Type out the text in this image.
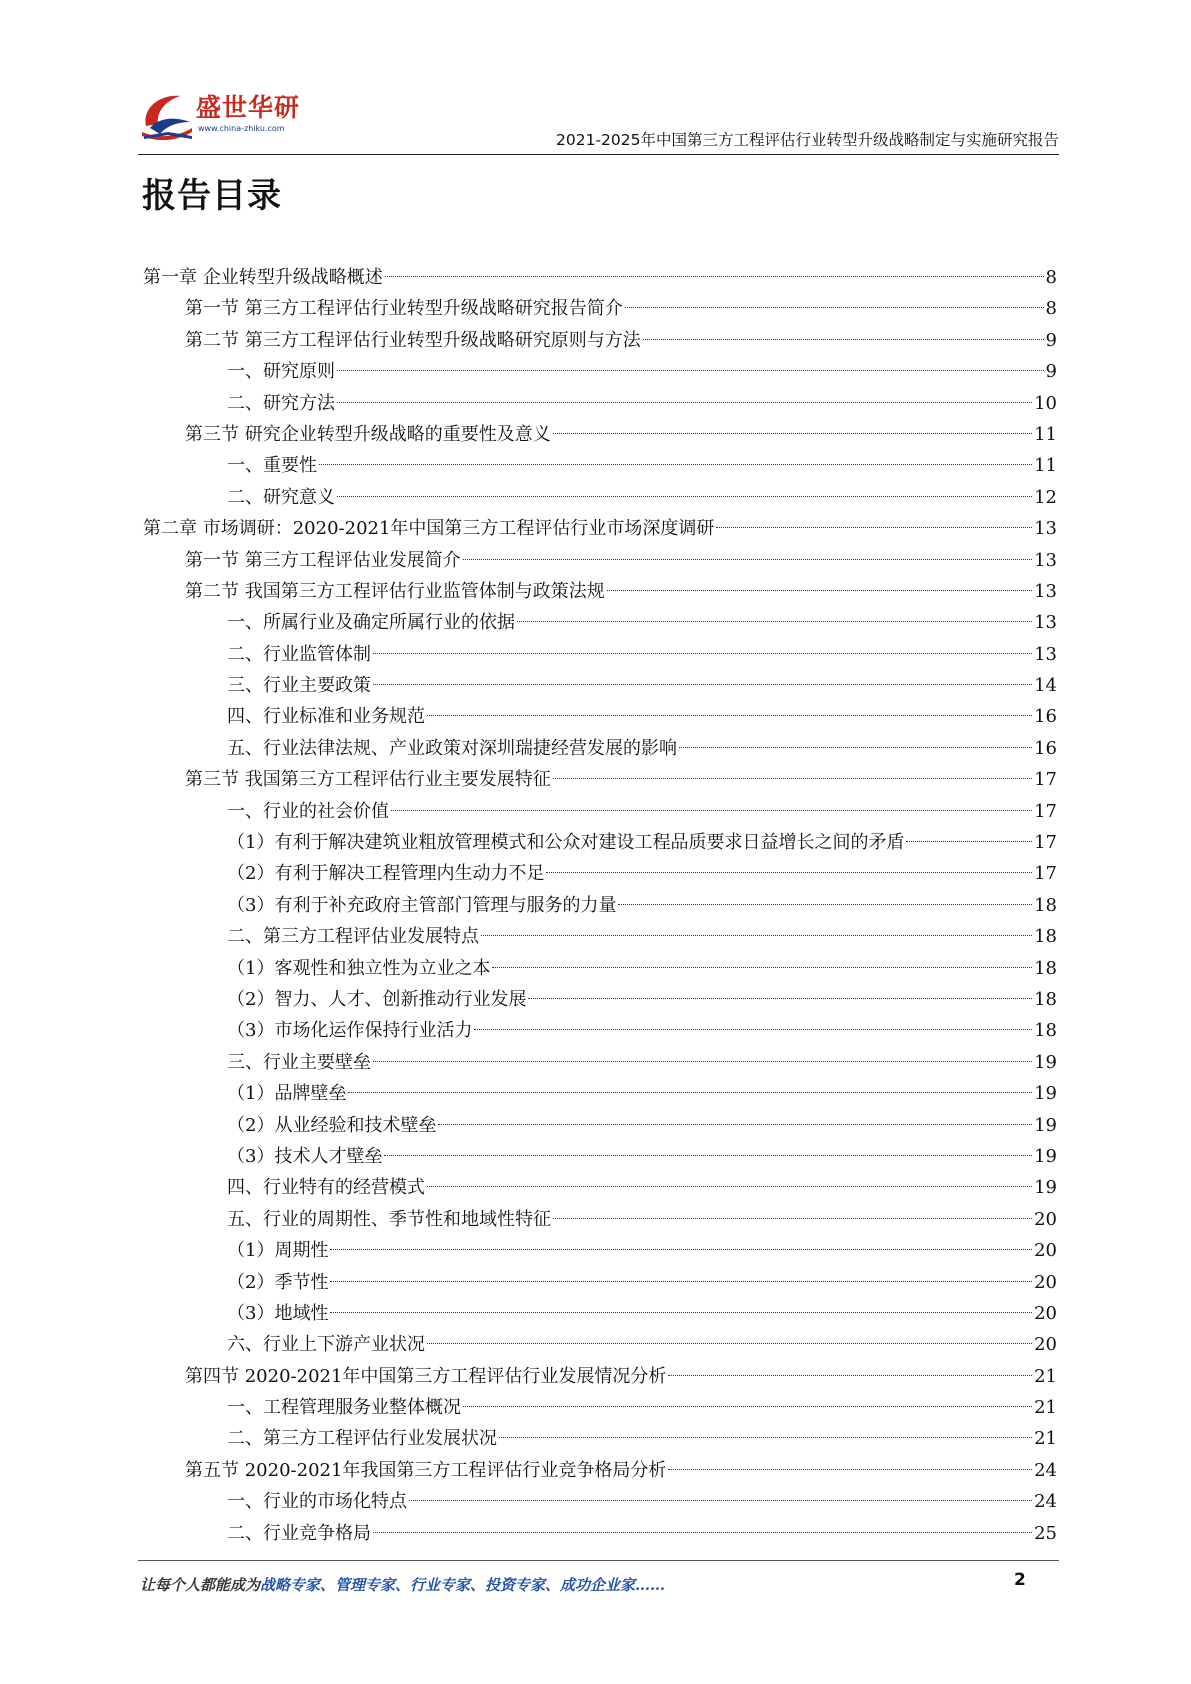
盛世华研
www.china-zhiku.com
2021-2025年中国第三方工程评估行业转型升级战略制定与实施研究报告
报告目录
第一章 企业转型升级战略概述	8
第一节 第三方工程评估行业转型升级战略研究报告简介	8
第二节 第三方工程评估行业转型升级战略研究原则与方法	9
一、研究原则	9
二、研究方法	10
第三节 研究企业转型升级战略的重要性及意义	11
一、重要性	11
二、研究意义	12
第二章 市场调研：2020-2021年中国第三方工程评估行业市场深度调研	13
第一节 第三方工程评估业发展简介	13
第二节 我国第三方工程评估行业监管体制与政策法规	13
一、所属行业及确定所属行业的依据	13
二、行业监管体制	13
三、行业主要政策	14
四、行业标准和业务规范	16
五、行业法律法规、产业政策对深圳瑞捷经营发展的影响	16
第三节 我国第三方工程评估行业主要发展特征	17
一、行业的社会价值	17
（1）有利于解决建筑业粗放管理模式和公众对建设工程品质要求日益增长之间的矛盾	17
（2）有利于解决工程管理内生动力不足	17
（3）有利于补充政府主管部门管理与服务的力量	18
二、第三方工程评估业发展特点	18
（1）客观性和独立性为立业之本	18
（2）智力、人才、创新推动行业发展	18
（3）市场化运作保持行业活力	18
三、行业主要壁垒	19
（1）品牌壁垒	19
（2）从业经验和技术壁垒	19
（3）技术人才壁垒	19
四、行业特有的经营模式	19
五、行业的周期性、季节性和地域性特征	20
（1）周期性	20
（2）季节性	20
（3）地域性	20
六、行业上下游产业状况	20
第四节 2020-2021年中国第三方工程评估行业发展情况分析	21
一、工程管理服务业整体概况	21
二、第三方工程评估行业发展状况	21
第五节 2020-2021年我国第三方工程评估行业竞争格局分析	24
一、行业的市场化特点	24
二、行业竞争格局	25
让每个人都能成为战略专家、管理专家、行业专家、投资专家、成功企业家……	2
